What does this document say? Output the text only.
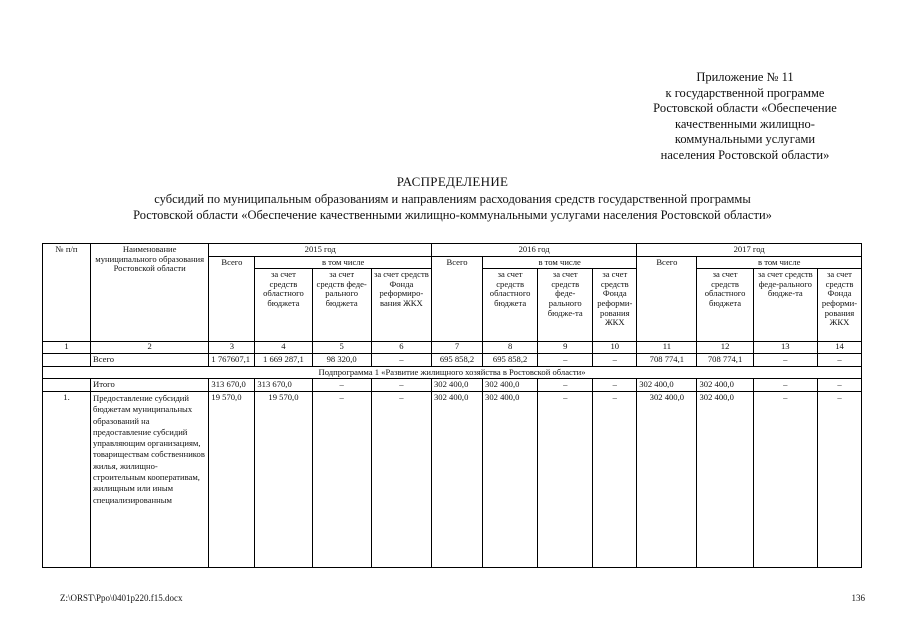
Приложение № 11
к государственной программе
Ростовской области «Обеспечение
качественными жилищно-
коммунальными услугами
населения Ростовской области»
РАСПРЕДЕЛЕНИЕ
субсидий по муниципальным образованиям и направлениям расходования средств государственной программы
Ростовской области «Обеспечение качественными жилищно-коммунальными услугами населения Ростовской области»
№ п/п	Наименование муниципального образования Ростовской области	2015 год				2016 год				2017 год			
		Всего	в том числе			Всего	в том числе			Всего	в том числе		
			за счет средств областного бюджета	за счет средств феде-рального бюджета	за счет средств Фонда реформиро-вания ЖКХ		за счет средств областного бюджета	за счет средств феде-рального бюдже-та	за счет средств Фонда реформи-рования ЖКХ		за счет средств областного бюджета	за счет средств феде-рального бюдже-та	за счет средств Фонда реформи-рования ЖКХ
1	2	3	4	5	6	7	8	9	10	11	12	13	14
	Всего	1 767607,1	1 669 287,1	98 320,0	–	695 858,2	695 858,2	–	–	708 774,1	708 774,1	–	–
Подпрограмма 1 «Развитие жилищного хозяйства в Ростовской области»													
	Итого	313 670,0	313 670,0	–	–	302 400,0	302 400,0	–	–	302 400,0	302 400,0	–	–
1.	Предоставление субсидий бюджетам муниципальных образований на предоставление субсидий управляющим организациям, товариществам собственников жилья, жилищно-строительным кооперативам, жилищным или иным специализированным	19 570,0	19 570,0	–	–	302 400,0	302 400,0	–	–	302 400,0	302 400,0	–	–
Z:\ORST\Ppo\0401p220.f15.docx	136
